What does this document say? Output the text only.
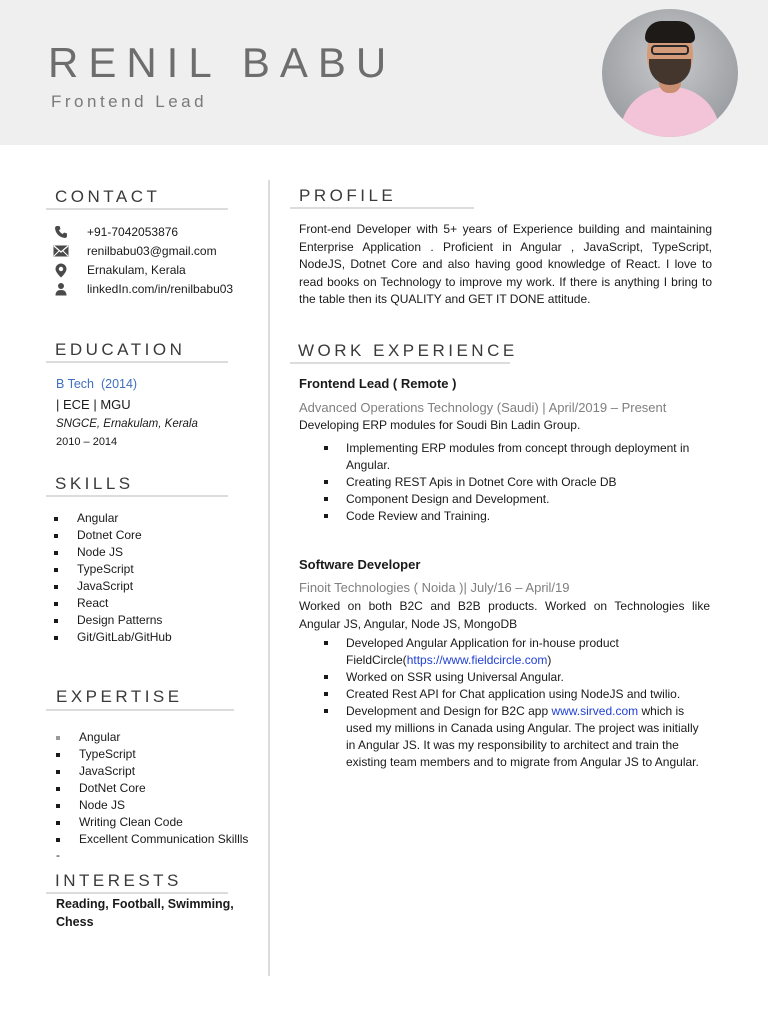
RENIL BABU
Frontend Lead
CONTACT
+91-7042053876
renilbabu03@gmail.com
Ernakulam, Kerala
linkedIn.com/in/renilbabu03
EDUCATION
B Tech (2014)
| ECE | MGU
SNGCE, Ernakulam, Kerala
2010 – 2014
SKILLS
Angular
Dotnet Core
Node JS
TypeScript
JavaScript
React
Design Patterns
Git/GitLab/GitHub
EXPERTISE
Angular
TypeScript
JavaScript
DotNet Core
Node JS
Writing Clean Code
Excellent Communication Skillls
-
INTERESTS
Reading, Football, Swimming, Chess
PROFILE
Front-end Developer with 5+ years of Experience building and maintaining Enterprise Application . Proficient in Angular , JavaScript, TypeScript, NodeJS, Dotnet Core and also having good knowledge of React. I love to read books on Technology to improve my work. If there is anything I bring to the table then its QUALITY and GET IT DONE attitude.
WORK EXPERIENCE
Frontend Lead ( Remote )
Advanced Operations Technology (Saudi) | April/2019 – Present
Developing ERP modules for Soudi Bin Ladin Group.
Implementing ERP modules from concept through deployment in Angular.
Creating REST Apis in Dotnet Core with Oracle DB
Component Design and Development.
Code Review and Training.
Software Developer
Finoit Technologies ( Noida )| July/16 – April/19
Worked on both B2C and B2B products. Worked on Technologies like Angular JS, Angular, Node JS, MongoDB
Developed Angular Application for in-house product FieldCircle(https://www.fieldcircle.com)
Worked on SSR using Universal Angular.
Created Rest API for Chat application using NodeJS and twilio.
Development and Design for B2C app www.sirved.com which is used my millions in Canada using Angular. The project was initially in Angular JS. It was my responsibility to architect and train the existing team members and to migrate from Angular JS to Angular.
